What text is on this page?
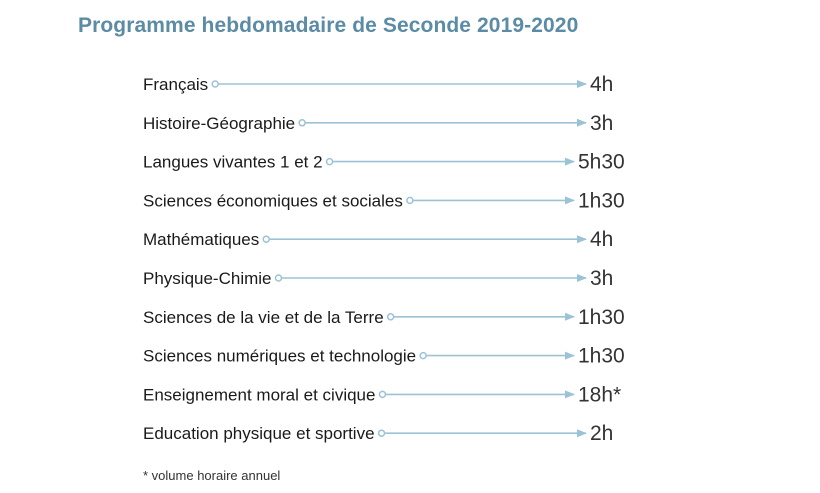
Programme hebdomadaire de Seconde 2019-2020
Français	4h
Histoire-Géographie	3h
Langues vivantes 1 et 2	5h30
Sciences économiques et sociales	1h30
Mathématiques	4h
Physique-Chimie	3h
Sciences de la vie et de la Terre	1h30
Sciences numériques et technologie	1h30
Enseignement moral et civique	18h*
Education physique et sportive	2h
* volume horaire annuel
